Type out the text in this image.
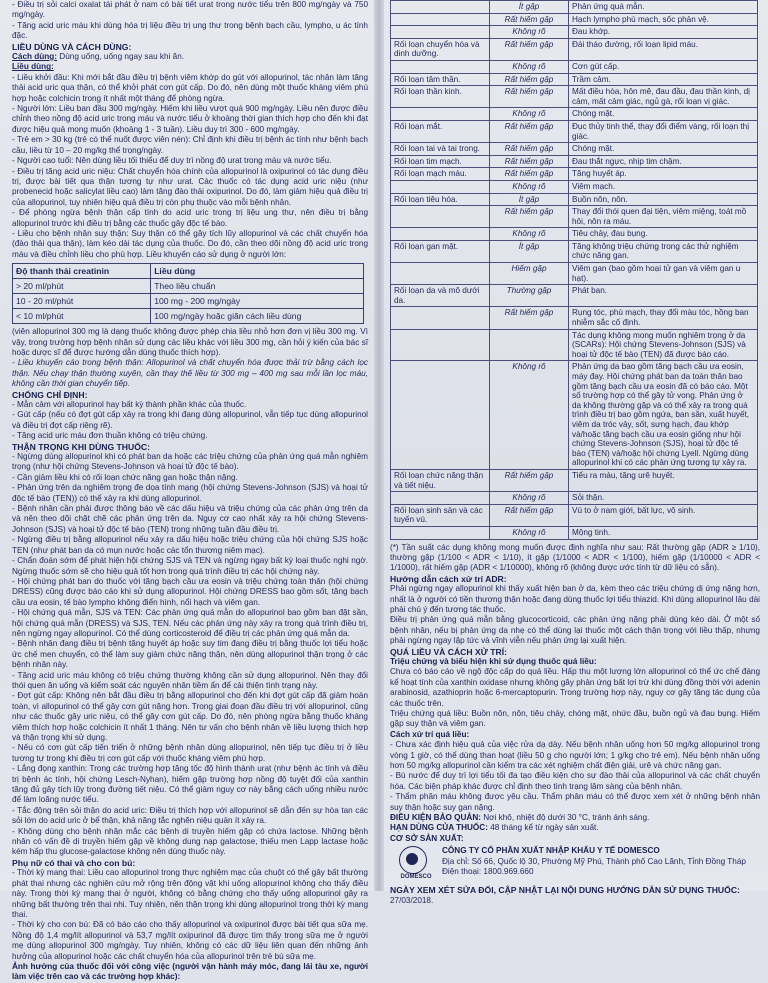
- Điều trị sỏi calci oxalat tái phát ở nam có bài tiết urat trong nước tiểu trên 800 mg/ngày và 750 mg/ngày.

- Tăng acid uric máu khi dùng hóa trị liệu điều trị ung thư trong bệnh bạch cầu, lympho, u ác tính đặc.

LIỀU DÙNG VÀ CÁCH DÙNG:

Cách dùng: Dùng uống, uống ngay sau khi ăn.

Liều dùng:

- Liều khởi đầu: Khi mới bắt đầu điều trị bệnh viêm khớp do gút với allopurinol, tác nhân làm tăng thải acid uric qua thận, có thể khởi phát cơn gút cấp. Do đó, nên dùng một thuốc kháng viêm phù hợp hoặc colchicin trong ít nhất một tháng để phòng ngừa.

- Người lớn: Liều ban đầu 300 mg/ngày. Hiếm khi liều vượt quá 900 mg/ngày. Liều nên được điều chỉnh theo nồng độ acid uric trong máu và nước tiểu ở khoảng thời gian thích hợp cho đến khi đạt được hiệu quả mong muốn (khoảng 1 - 3 tuần). Liều duy trì 300 - 600 mg/ngày.

- Trẻ em > 30 kg (trẻ có thể nuốt được viên nén): Chỉ định khi điều trị bệnh ác tính như bệnh bạch cầu, liều từ 10 – 20 mg/kg thể trọng/ngày.

- Người cao tuổi: Nên dùng liều tối thiểu để duy trì nồng độ urat trong máu và nước tiểu.

- Điều trị tăng acid uric niệu: Chất chuyển hóa chính của allopurinol là oxipurinol có tác dụng điều trị, được bài tiết qua thận tương tự như urat. Các thuốc có tác dụng acid uric niệu (như probenecid hoặc salicylat liều cao) làm tăng đào thải oxipurinol. Do đó, làm giảm hiệu quả điều trị của allopurinol, tuy nhiên hiệu quả điều trị còn phụ thuộc vào mỗi bệnh nhân.

- Để phòng ngừa bệnh thận cấp tính do acid uric trong trị liệu ung thư, nên điều trị bằng allopurinol trước khi điều trị bằng các thuốc gây độc tế bào.

- Liều cho bệnh nhân suy thận: Suy thận có thể gây tích lũy allopurinol và các chất chuyển hóa (đào thải qua thận), làm kéo dài tác dụng của thuốc. Do đó, cần theo dõi nồng độ acid uric trong máu và điều chỉnh liều cho phù hợp. Liều khuyến cáo sử dụng ở người lớn:

Độ thanh thải creatinin	Liều dùng
> 20 ml/phút	Theo liều chuẩn
10 - 20 ml/phút	100 mg - 200 mg/ngày
< 10 ml/phút	100 mg/ngày hoặc giãn cách liều dùng

(viên allopurinol 300 mg là dạng thuốc không được phép chia liều nhỏ hơn đơn vị liều 300 mg. Vì vậy, trong trường hợp bệnh nhân sử dụng các liều khác với liều 300 mg, cần hỏi ý kiến của bác sĩ hoặc dược sĩ để được hướng dẫn dùng thuốc thích hợp).

- Liều khuyến cáo trong bệnh thận: Allopurinol và chất chuyển hóa được thải trừ bằng cách lọc thận. Nếu chạy thận thường xuyên, cần thay thế liều từ 300 mg – 400 mg sau mỗi lần lọc máu, không cần thời gian chuyển tiếp.

CHỐNG CHỈ ĐỊNH:

- Mẫn cảm với allopurinol hay bất kỳ thành phần khác của thuốc.

- Gút cấp (nếu có đợt gút cấp xảy ra trong khi đang dùng allopurinol, vẫn tiếp tục dùng allopurinol và điều trị đợt cấp riêng rẽ).

- Tăng acid uric máu đơn thuần không có triệu chứng.

THẬN TRỌNG KHI DÙNG THUỐC:

- Ngừng dùng allopurinol khi có phát ban da hoặc các triệu chứng của phản ứng quá mẫn nghiêm trọng (như hội chứng Stevens-Johnson và hoại tử độc tế bào).

- Cần giảm liều khi có rối loạn chức năng gan hoặc thận nặng.

- Phản ứng trên da nghiêm trọng đe dọa tính mạng (hội chứng Stevens-Johnson (SJS) và hoại tử độc tế bào (TEN)) có thể xảy ra khi dùng allopurinol.

- Bệnh nhân cần phải được thông báo về các dấu hiệu và triệu chứng của các phản ứng trên da và nên theo dõi chặt chẽ các phản ứng trên da. Nguy cơ cao nhất xảy ra hội chứng Stevens-Johnson (SJS) và hoại tử độc tế bào (TEN) trong những tuần đầu điều trị.

- Ngừng điều trị bằng allopurinol nếu xảy ra dấu hiệu hoặc triệu chứng của hội chứng SJS hoặc TEN (như phát ban da có mụn nước hoặc các tổn thương niêm mạc).

- Chẩn đoán sớm để phát hiện hội chứng SJS và TEN và ngừng ngay bất kỳ loại thuốc nghi ngờ. Ngừng thuốc sớm sẽ cho hiệu quả tốt hơn trong quá trình điều trị các hội chứng này.

- Hội chứng phát ban do thuốc với tăng bạch cầu ưa eosin và triệu chứng toàn thân (hội chứng DRESS) cũng được báo cáo khi sử dụng allopurinol. Hội chứng DRESS bao gồm sốt, tăng bạch cầu ưa eosin, tế bào lympho không điển hình, nổi hạch và viêm gan.

- Hội chứng quá mẫn, SJS và TEN: Các phản ứng quá mẫn do allopurinol bao gồm ban đặt sần, hội chứng quá mẫn (DRESS) và SJS, TEN. Nếu các phản ứng này xảy ra trong quá trình điều trị, nên ngừng ngay allopurinol. Có thể dùng corticosteroid để điều trị các phản ứng quá mẫn da.

- Bệnh nhân đang điều trị bệnh tăng huyết áp hoặc suy tim đang điều trị bằng thuốc lợi tiểu hoặc ức chế men chuyển, có thể làm suy giảm chức năng thận, nên dùng allopurinol thận trọng ở các bệnh nhân này.

- Tăng acid uric máu không có triệu chứng thường không cần sử dụng allopurinol. Nên thay đổi thói quen ăn uống và kiểm soát các nguyên nhân tiềm ẩn để cải thiện tình trạng này.

- Đợt gút cấp: Không nên bắt đầu điều trị bằng allopurinol cho đến khi đợt gút cấp đã giảm hoàn toàn, vì allopurinol có thể gây cơn gút nặng hơn. Trong giai đoạn đầu điều trị với allopurinol, cũng như các thuốc gây uric niệu, có thể gây cơn gút cấp. Do đó, nên phòng ngừa bằng thuốc kháng viêm thích hợp hoặc colchicin ít nhất 1 tháng. Nên tư vấn cho bệnh nhân về liều lượng thích hợp và thận trọng khi sử dụng.

- Nếu có cơn gút cấp tiến triển ở những bệnh nhân dùng allopurinol, nên tiếp tục điều trị ở liều tương tự trong khi điều trị cơn gút cấp với thuốc kháng viêm phù hợp.

- Lắng đọng xanthin: Trong các trường hợp tăng tốc độ hình thành urat (như bệnh ác tính và điều trị bệnh ác tính, hội chứng Lesch-Nyhan), hiếm gặp trường hợp nồng độ tuyệt đối của xanthin tăng đủ gây tích lũy trong đường tiết niệu. Có thể giảm nguy cơ này bằng cách uống nhiều nước để làm loãng nước tiểu.

- Tắc động trên sỏi thận do acid uric: Điều trị thích hợp với allopurinol sẽ dẫn đến sự hòa tan các sỏi lớn do acid uric ở bể thận, khả năng tắc nghẽn niệu quản ít xảy ra.

- Không dùng cho bệnh nhân mắc các bệnh di truyền hiếm gặp có chứa lactose. Những bệnh nhân có vấn đề di truyền hiếm gặp về không dung nạp galactose, thiếu men Lapp lactase hoặc kém hấp thu glucose-galactose không nên dùng thuốc này.

Phụ nữ có thai và cho con bú:

- Thời kỳ mang thai: Liều cao allopurinol trong thực nghiệm mạc của chuột có thể gây bất thường phát thai nhưng các nghiên cứu mở rộng trên động vật khi uống allopurinol không cho thấy điều này. Trong thời kỳ mang thai ở người, không có bằng chứng cho thấy uống allopurinol gây ra những bất thường trên thai nhi. Tuy nhiên, nên thận trọng khi dùng allopurinol trong thời kỳ mang thai.

- Thời kỳ cho con bú: Đã có báo cáo cho thấy allopurinol và oxipurinol được bài tiết qua sữa mẹ. Nồng độ 1,4 mg/lít allopurinol và 53,7 mg/lít oxipurinol đã được tìm thấy trong sữa mẹ ở người mẹ dùng allopurinol 300 mg/ngày. Tuy nhiên, không có các dữ liệu liên quan đến những ảnh hưởng của allopurinol hoặc các chất chuyển hóa của allopurinol trên trẻ bú sữa mẹ.

Ảnh hưởng của thuốc đối với công việc (người vận hành máy móc, đang lái tàu xe, người làm việc trên cao và các trường hợp khác):

	Ít gặp	Phản ứng quá mẫn.
	Rất hiếm gặp	Hạch lympho phù mạch, sốc phản vệ.
	Không rõ	Đau khớp.
Rối loạn chuyển hóa và dinh dưỡng.	Rất hiếm gặp	Đái tháo đường, rối loạn lipid máu.
	Không rõ	Cơn gút cấp.
Rối loạn tâm thần.	Rất hiếm gặp	Trầm cảm.
Rối loạn thần kinh.	Rất hiếm gặp	Mất điều hòa, hôn mê, đau đầu, đau thần kinh, dị cảm, mất cảm giác, ngủ gà, rối loạn vị giác.
	Không rõ	Chóng mặt.
Rối loạn mắt.	Rất hiếm gặp	Đục thủy tinh thể, thay đổi điểm vàng, rối loạn thị giác.
Rối loạn tai và tai trong.	Rất hiếm gặp	Chóng mặt.
Rối loạn tim mạch.	Rất hiếm gặp	Đau thắt ngực, nhịp tim chậm.
Rối loạn mạch máu.	Rất hiếm gặp	Tăng huyết áp.
	Không rõ	Viêm mạch.
Rối loạn tiêu hóa.	Ít gặp	Buồn nôn, nôn.
	Rất hiếm gặp	Thay đổi thói quen đại tiện, viêm miệng, toát mồ hôi, nôn ra máu.
	Không rõ	Tiêu chảy, đau bụng.
Rối loạn gan mật.	Ít gặp	Tăng không triệu chứng trong các thử nghiệm chức năng gan.
	Hiếm gặp	Viêm gan (bao gồm hoại tử gan và viêm gan u hạt).
Rối loạn da và mô dưới da.	Thường gặp	Phát ban.
	Rất hiếm gặp	Rụng tóc, phù mạch, thay đổi màu tóc, hồng ban nhiễm sắc cố định.
		Tác dụng không mong muốn nghiêm trọng ở da (SCARs): Hội chứng Stevens-Johnson (SJS) và hoại tử độc tế bào (TEN) đã được báo cáo.
	Không rõ	Phản ứng da bao gồm tăng bạch cầu ưa eosin, máy đay. Hội chứng phát ban da toàn thân bao gồm tăng bạch cầu ưa eosin đã có báo cáo. Một số trường hợp có thể gây tử vong. Phản ứng ở da không thường gặp và có thể xảy ra trong quá trình điều trị bao gồm ngứa, ban sần, xuất huyết, viêm da tróc vảy, sốt, sưng hạch, đau khớp và/hoặc tăng bạch cầu ưa eosin giống như hội chứng Stevens-Johnson (SJS), hoại tử độc tế bào (TEN) và/hoặc hội chứng Lyell. Ngừng dùng allopurinol khi có các phản ứng tương tự xảy ra.
Rối loạn chức năng thận và tiết niệu.	Rất hiếm gặp	Tiểu ra máu, tăng urê huyết.
	Không rõ	Sỏi thận.
Rối loạn sinh sản và các tuyến vú.	Rất hiếm gặp	Vú to ở nam giới, bất lực, vô sinh.
	Không rõ	Mộng tinh.

(*) Tần suất các dụng không mong muốn được định nghĩa như sau: Rất thường gặp (ADR ≥ 1/10), thường gặp (1/100 < ADR < 1/10), ít gặp (1/1000 < ADR < 1/100), hiếm gặp (1/10000 < ADR < 1/1000), rất hiếm gặp (ADR < 1/10000), không rõ (không được ước tính từ dữ liệu có sẵn).

Hướng dẫn cách xử trí ADR:

Phải ngừng ngay allopurinol khi thấy xuất hiện ban ở da, kèm theo các triệu chứng dị ứng nặng hơn, nhất là ở người có tiền thương thận hoặc đang dùng thuốc lợi tiểu thiazid. Khi dùng allopurinol lâu dài phải chú ý đến tương tác thuốc.

Điều trị phản ứng quá mẫn bằng glucocorticoid, các phản ứng nặng phải dùng kéo dài. Ở một số bệnh nhân, nếu bị phản ứng da nhẹ có thể dùng lại thuốc một cách thận trọng với liều thấp, nhưng phải ngừng ngay lập tức và vĩnh viễn nếu phản ứng lại xuất hiện.

QUÁ LIỀU VÀ CÁCH XỬ TRÍ:

Triệu chứng và biểu hiện khi sử dụng thuốc quá liều:

Chưa có báo cáo về ngộ độc cấp do quá liều. Hấp thu một lượng lớn allopurinol có thể ức chế đáng kể hoạt tính của xanthin oxidase nhưng không gây phản ứng bất lợi trừ khi dùng đồng thời với adenin arabinosid, azathioprin hoặc 6-mercaptopurin. Trong trường hợp này, nguy cơ gây tăng tác dụng của các thuốc trên.

Triệu chứng quá liều: Buồn nôn, nôn, tiêu chảy, chóng mặt, nhức đầu, buồn ngủ và đau bụng. Hiếm gặp suy thận và viêm gan.

Cách xử trí quá liều:

- Chưa xác định hiệu quả của việc rửa dạ dày. Nếu bệnh nhân uống hơn 50 mg/kg allopurinol trong vòng 1 giờ, có thể dùng than hoạt (liều 50 g cho người lớn; 1 g/kg cho trẻ em). Nếu bệnh nhân uống hơn 50 mg/kg allopurinol cần kiểm tra các xét nghiệm chất điện giải, urê và chức năng gan.

- Bù nước để duy trì lợi tiểu tối đa tạo điều kiện cho sự đào thải của allopurinol và các chất chuyển hóa. Các biện pháp khác được chỉ định theo tình trạng lâm sàng của bệnh nhân.

- Thẩm phân máu không được yêu cầu. Thẩm phân máu có thể được xem xét ở những bệnh nhân suy thận hoặc suy gan nặng.

ĐIỀU KIỆN BẢO QUẢN: Nơi khô, nhiệt độ dưới 30 °C, tránh ánh sáng.

HẠN DÙNG CỦA THUỐC: 48 tháng kể từ ngày sản xuất.

CƠ SỞ SẢN XUẤT:

DOMESCO
CÔNG TY CỔ PHẦN XUẤT NHẬP KHẨU Y TẾ DOMESCO
Địa chỉ: Số 66, Quốc lộ 30, Phường Mỹ Phú, Thành phố Cao Lãnh, Tỉnh Đồng Tháp
Điện thoại: 1800.969.660

NGÀY XEM XÉT SỬA ĐỔI, CẬP NHẬT LẠI NỘI DUNG HƯỚNG DẪN SỬ DỤNG THUỐC:

27/03/2018.
